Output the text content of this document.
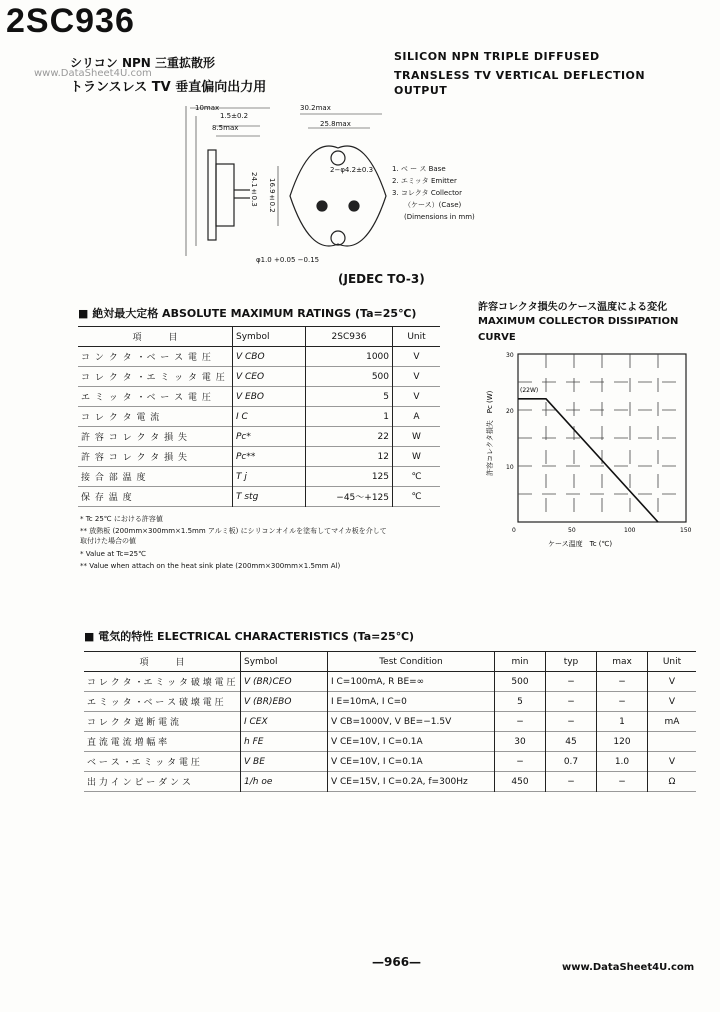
2SC936
www.DataSheet4U.com
シリコン NPN 三重拡散形
トランスレス TV 垂直偏向出力用
SILICON NPN TRIPLE DIFFUSED
TRANSLESS TV VERTICAL DEFLECTION OUTPUT
10max
1.5±0.2
8.5max
30.2max
25.8max
φ1.0 +0.05 −0.15
24.1±0.3 16.9±0.2
2−φ4.2±0.3	1. ベ ー ス Base
2. エミッタ Emitter
3. コレクタ Collector
（ケース）(Case)
(Dimensions in mm)
(JEDEC TO-3)
■ 絶対最大定格 ABSOLUTE MAXIMUM RATINGS (Ta=25℃)
項　　　目	Symbol	2SC936	Unit
コ ン ク タ ・ベ ー ス 電 圧	V CBO	1000	V
コ レ ク タ ・エ ミ ッ タ 電 圧	V CEO	500	V
エ ミ ッ タ ・ベ ー ス 電 圧	V EBO	5	V
コ レ ク タ 電 流	I C	1	A
許 容 コ レ ク タ 損 失	Pc*	22	W
許 容 コ レ ク タ 損 失	Pc**	12	W
接 合 部 温 度	T j	125	℃
保 存 温 度	T stg	−45〜+125	℃
* Tc 25℃ における許容値
** 放熱板 (200mm×300mm×1.5mm アルミ板) にシリコンオイルを塗布してマイカ板を介して
取付けた場合の値
* Value at Tc=25℃
** Value when attach on the heat sink plate (200mm×300mm×1.5mm Al)
許容コレクタ損失のケース温度による変化
MAXIMUM COLLECTOR DISSIPATION CURVE
ケース温度　Tc (℃)
許容コレクタ損失　Pc (W)
(22W)
0	50	100	150
10
20
30
■ 電気的特性 ELECTRICAL CHARACTERISTICS (Ta=25℃)
項　　　目	Symbol	Test Condition	min	typ	max	Unit
コ レ ク タ ・エ ミ ッ タ 破 壊 電 圧	V (BR)CEO	I C=100mA, R BE=∞	500	−	−	V
エ ミ ッ タ ・ベ ー ス 破 壊 電 圧	V (BR)EBO	I E=10mA, I C=0	5	−	−	V
コ レ ク タ 遮 断 電 流	I CEX	V CB=1000V, V BE=−1.5V	−	−	1	mA
直 流 電 流 増 幅 率	h FE	V CE=10V, I C=0.1A	30	45	120	
ベ ー ス ・エ ミ ッ タ 電 圧	V BE	V CE=10V, I C=0.1A	−	0.7	1.0	V
出 力 イ ン ピ ー ダ ン ス	1/h oe	V CE=15V, I C=0.2A, f=300Hz	450	−	−	Ω
—966—	www.DataSheet4U.com
